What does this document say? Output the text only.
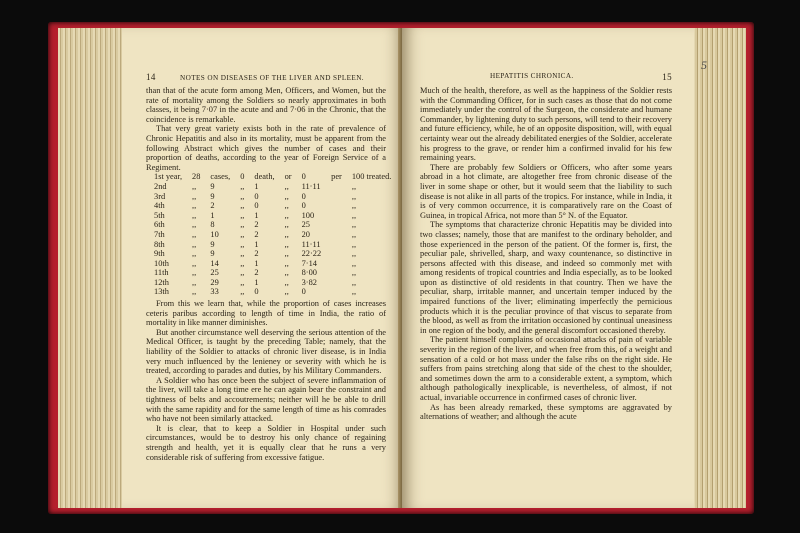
14	NOTES ON DISEASES OF THE LIVER AND SPLEEN.

than that of the acute form among Men, Officers, and Women, but the rate of mortality among the Soldiers so nearly approximates in both classes, it being 7·07 in the acute and and 7·06 in the Chronic, that the coincidence is remarkable.

That very great variety exists both in the rate of prevalence of Chronic Hepatitis and also in its mortality, must be apparent from the following Abstract which gives the number of cases and their proportion of deaths, according to the year of Foreign Service of a Regiment.

1st year,	28	cases,	0	death,	or	0	per	100 treated.
2nd	,,	9	,,	1	,,	11·11		,,
3rd	,,	9	,,	0	,,	0		,,
4th	,,	2	,,	0	,,	0		,,
5th	,,	1	,,	1	,,	100		,,
6th	,,	8	,,	2	,,	25		,,
7th	,,	10	,,	2	,,	20		,,
8th	,,	9	,,	1	,,	11·11		,,
9th	,,	9	,,	2	,,	22·22		,,
10th	,,	14	,,	1	,,	7·14		,,
11th	,,	25	,,	2	,,	8·00		,,
12th	,,	29	,,	1	,,	3·82		,,
13th	,,	33	,,	0	,,	0		,,

From this we learn that, while the proportion of cases increases ceteris paribus according to length of time in India, the ratio of mortality in like manner diminishes.

But another circumstance well deserving the serious attention of the Medical Officer, is taught by the preceding Table; namely, that the liability of the Soldier to attacks of chronic liver disease, is in India very much influenced by the lenieney or severity with which he is treated, according to parades and duties, by his Military Commanders.

A Soldier who has once been the subject of severe inflammation of the liver, will take a long time ere he can again bear the constraint and tightness of belts and accoutrements; neither will he be able to drill with the same rapidity and for the same length of time as his comrades who have not been similarly attacked.

It is clear, that to keep a Soldier in Hospital under such circumstances, would be to destroy his only chance of regaining strength and health, yet it is equally clear that he runs a very considerable risk of suffering from excessive fatigue.

HEPATITIS CHRONICA.	15

Much of the health, therefore, as well as the happiness of the Soldier rests with the Commanding Officer, for in such cases as those that do not come immediately under the control of the Surgeon, the considerate and humane Commander, by lightening duty to such persons, will tend to their recovery and future efficiency, while, he of an opposite disposition, will, with equal certainty wear out the already debilitated energies of the Soldier, accelerate his progress to the grave, or render him a confirmed invalid for his few remaining years.

There are probably few Soldiers or Officers, who after some years abroad in a hot climate, are altogether free from chronic disease of the liver in some shape or other, but it would seem that the liability to such disease is not alike in all parts of the tropics. For instance, while in India, it is of very common occurrence, it is comparatively rare on the Coast of Guinea, in tropical Africa, not more than 5° N. of the Equator.

The symptoms that characterize chronic Hepatitis may be divided into two classes; namely, those that are manifest to the ordinary beholder, and those experienced in the person of the patient. Of the former is, first, the peculiar pale, shrivelled, sharp, and waxy countenance, so distinctive in persons affected with this disease, and indeed so commonly met with among residents of tropical countries and India especially, as to be looked upon as distinctive of old residents in that country. Then we have the peculiar, sharp, irritable manner, and uncertain temper induced by the impaired functions of the liver; eliminating imperfectly the pernicious products which it is the peculiar province of that viscus to separate from the blood, as well as from the irritation occasioned by continual uneasiness in one region of the body, and the general discomfort occasioned thereby.

The patient himself complains of occasional attacks of pain of variable severity in the region of the liver, and when free from this, of a weight and sensation of a cold or hot mass under the false ribs on the right side. He suffers from pains stretching along that side of the chest to the shoulder, and sometimes down the arm to a considerable extent, a symptom, which although pathologically inexplicable, is nevertheless, of almost, if not actual, invariable occurrence in confirmed cases of chronic liver.

As has been already remarked, these symptoms are aggravated by alternations of weather; and although the acute

5
